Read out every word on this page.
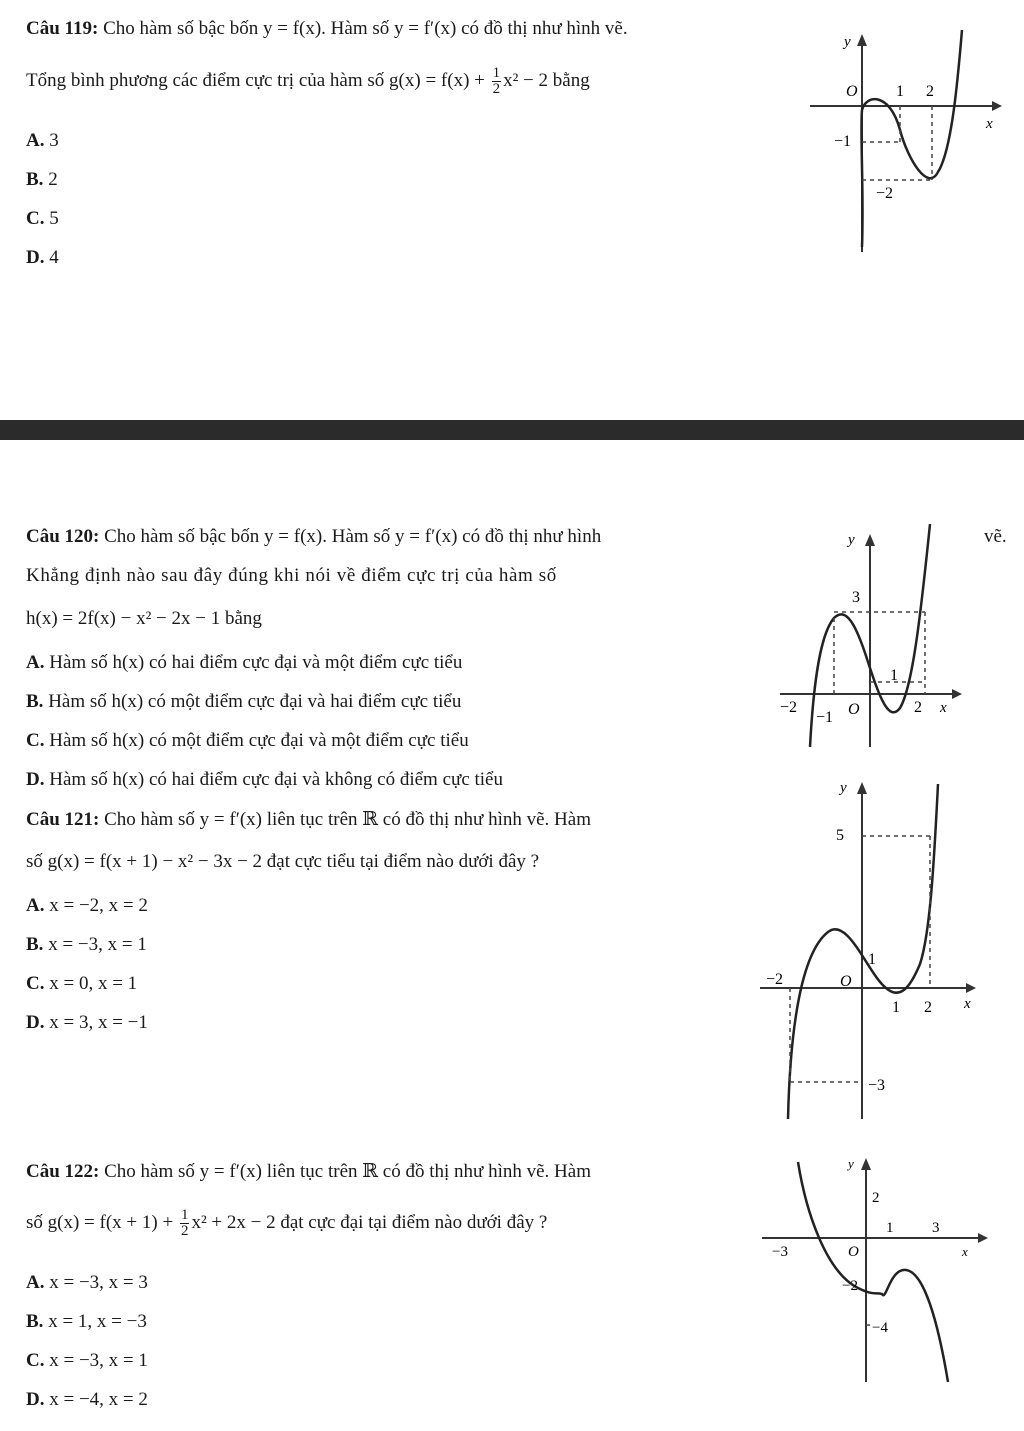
Câu 119: Cho hàm số bậc bốn y = f(x). Hàm số y = f′(x) có đồ thị như hình vẽ.
Tổng bình phương các điểm cực trị của hàm số $g(x) = f(x) + \frac{1}{2} x^2 - 2$ bằng
A. 3
B. 2
C. 5
D. 4
y
x
O 1 2
−1
−2
Câu 120: Cho hàm số bậc bốn y = f(x). Hàm số y = f′(x) có đồ thị như hình	vẽ.
Khẳng định nào sau đây đúng khi nói về điểm cực trị của hàm số
h(x) = 2f(x) − x² − 2x − 1 bằng
A. Hàm số h(x) có hai điểm cực đại và một điểm cực tiểu
B. Hàm số h(x) có một điểm cực đại và hai điểm cực tiểu
C. Hàm số h(x) có một điểm cực đại và một điểm cực tiểu
D. Hàm số h(x) có hai điểm cực đại và không có điểm cực tiểu
y
x
O
3
1
−2
−1
2
Câu 121: Cho hàm số y = f′(x) liên tục trên ℝ có đồ thị như hình vẽ. Hàm
số g(x) = f(x + 1) − x² − 3x − 2 đạt cực tiểu tại điểm nào dưới đây ?
A. x = −2, x = 2
B. x = −3, x = 1
C. x = 0, x = 1
D. x = 3, x = −1
y
x
O
5
1
−2
1 2
−3
Câu 122: Cho hàm số y = f′(x) liên tục trên ℝ có đồ thị như hình vẽ. Hàm
số $g(x) = f(x + 1) + \frac{1}{2} x^2 + 2x - 2$ đạt cực đại tại điểm nào dưới đây ?
A. x = −3, x = 3
B. x = 1, x = −3
C. x = −3, x = 1
D. x = −4, x = 2
y
x
O
2
1	3
−3
−2
−4
